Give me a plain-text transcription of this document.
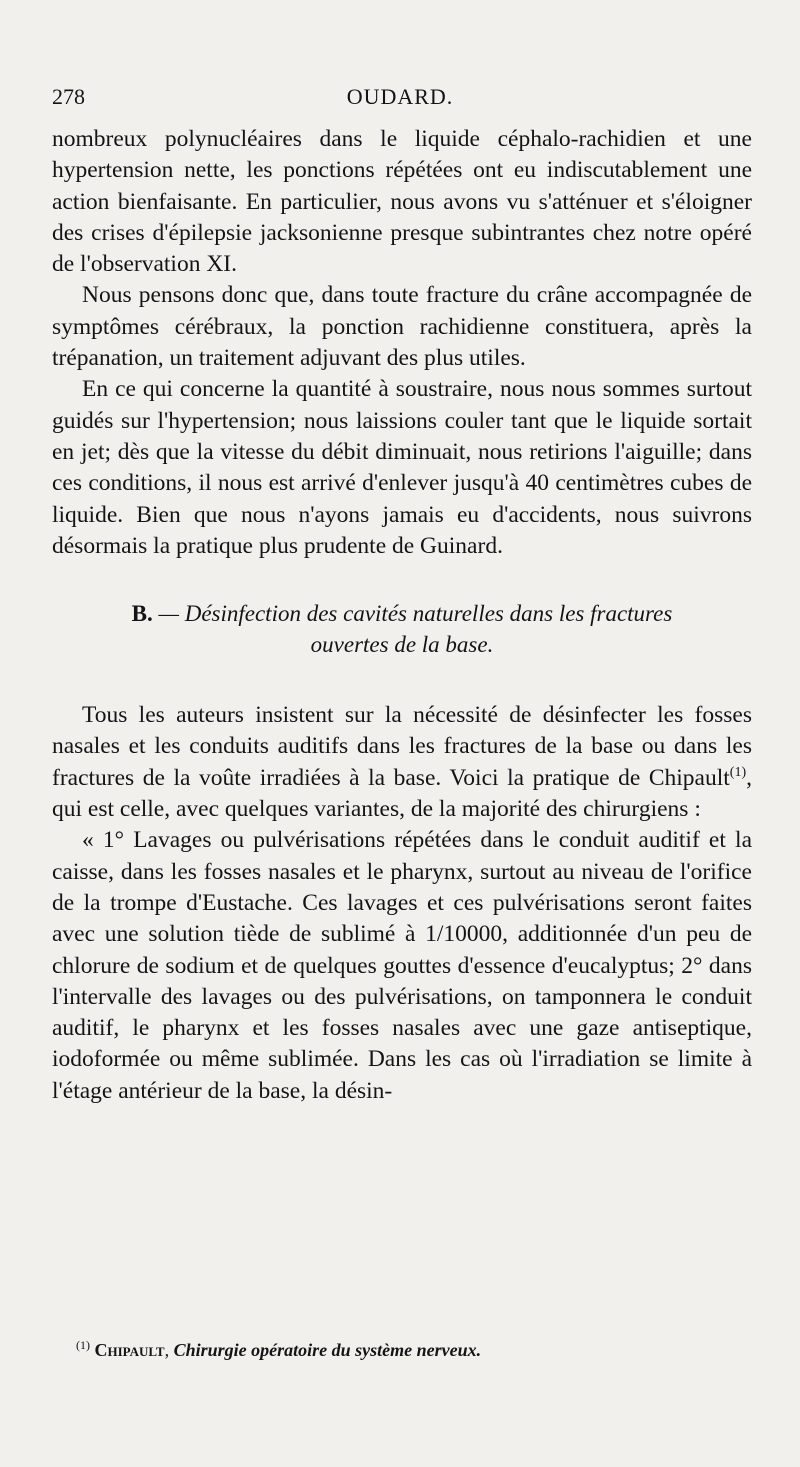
278	OUDARD.

nombreux polynucléaires dans le liquide céphalo-rachidien et une hypertension nette, les ponctions répétées ont eu indiscutablement une action bienfaisante. En particulier, nous avons vu s'atténuer et s'éloigner des crises d'épilepsie jacksonienne presque subintrantes chez notre opéré de l'observation XI.

Nous pensons donc que, dans toute fracture du crâne accompagnée de symptômes cérébraux, la ponction rachidienne constituera, après la trépanation, un traitement adjuvant des plus utiles.

En ce qui concerne la quantité à soustraire, nous nous sommes surtout guidés sur l'hypertension; nous laissions couler tant que le liquide sortait en jet; dès que la vitesse du débit diminuait, nous retirions l'aiguille; dans ces conditions, il nous est arrivé d'enlever jusqu'à 40 centimètres cubes de liquide. Bien que nous n'ayons jamais eu d'accidents, nous suivrons désormais la pratique plus prudente de Guinard.

B. — Désinfection des cavités naturelles dans les fractures
ouvertes de la base.

Tous les auteurs insistent sur la nécessité de désinfecter les fosses nasales et les conduits auditifs dans les fractures de la base ou dans les fractures de la voûte irradiées à la base. Voici la pratique de Chipault$^{(1)}$, qui est celle, avec quelques variantes, de la majorité des chirurgiens :

« 1° Lavages ou pulvérisations répétées dans le conduit auditif et la caisse, dans les fosses nasales et le pharynx, surtout au niveau de l'orifice de la trompe d'Eustache. Ces lavages et ces pulvérisations seront faites avec une solution tiède de sublimé à 1/10000, additionnée d'un peu de chlorure de sodium et de quelques gouttes d'essence d'eucalyptus; 2° dans l'intervalle des lavages ou des pulvérisations, on tamponnera le conduit auditif, le pharynx et les fosses nasales avec une gaze antiseptique, iodoformée ou même sublimée. Dans les cas où l'irradiation se limite à l'étage antérieur de la base, la désin-

$^{(1)}$ Chipault, Chirurgie opératoire du système nerveux.
